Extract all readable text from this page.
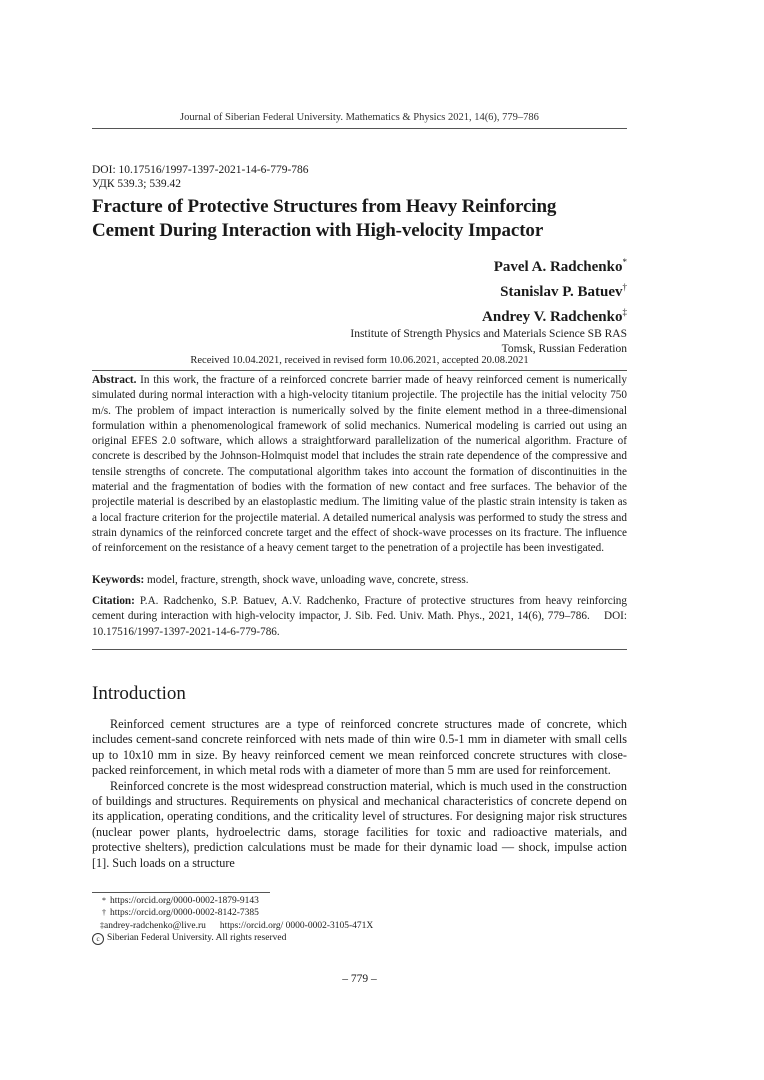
Journal of Siberian Federal University. Mathematics & Physics 2021, 14(6), 779–786
DOI: 10.17516/1997-1397-2021-14-6-779-786
УДК 539.3; 539.42
Fracture of Protective Structures from Heavy Reinforcing
Cement During Interaction with High-velocity Impactor
Pavel A. Radchenko*
Stanislav P. Batuev†
Andrey V. Radchenko‡
Institute of Strength Physics and Materials Science SB RAS
Tomsk, Russian Federation
Received 10.04.2021, received in revised form 10.06.2021, accepted 20.08.2021
Abstract. In this work, the fracture of a reinforced concrete barrier made of heavy reinforced cement is numerically simulated during normal interaction with a high-velocity titanium projectile. The projectile has the initial velocity 750 m/s. The problem of impact interaction is numerically solved by the finite element method in a three-dimensional formulation within a phenomenological framework of solid mechanics. Numerical modeling is carried out using an original EFES 2.0 software, which allows a straightforward parallelization of the numerical algorithm. Fracture of concrete is described by the Johnson-Holmquist model that includes the strain rate dependence of the compressive and tensile strengths of concrete. The computational algorithm takes into account the formation of discontinuities in the material and the fragmentation of bodies with the formation of new contact and free surfaces. The behavior of the projectile material is described by an elastoplastic medium. The limiting value of the plastic strain intensity is taken as a local fracture criterion for the projectile material. A detailed numerical analysis was performed to study the stress and strain dynamics of the reinforced concrete target and the effect of shock-wave processes on its fracture. The influence of reinforcement on the resistance of a heavy cement target to the penetration of a projectile has been investigated.
Keywords: model, fracture, strength, shock wave, unloading wave, concrete, stress.
Citation: P.A. Radchenko, S.P. Batuev, A.V. Radchenko, Fracture of protective structures from heavy reinforcing cement during interaction with high-velocity impactor, J. Sib. Fed. Univ. Math. Phys., 2021, 14(6), 779–786.    DOI: 10.17516/1997-1397-2021-14-6-779-786.
Introduction

Reinforced cement structures are a type of reinforced concrete structures made of concrete, which includes cement-sand concrete reinforced with nets made of thin wire 0.5-1 mm in diameter with small cells up to 10x10 mm in size. By heavy reinforced cement we mean reinforced concrete structures with close-packed reinforcement, in which metal rods with a diameter of more than 5 mm are used for reinforcement.

Reinforced concrete is the most widespread construction material, which is much used in the construction of buildings and structures. Requirements on physical and mechanical characteristics of concrete depend on its application, operating conditions, and the criticality level of structures. For designing major risk structures (nuclear power plants, hydroelectric dams, storage facilities for toxic and radioactive materials, and protective shelters), prediction calculations must be made for their dynamic load — shock, impulse action [1]. Such loads on a structure

* https://orcid.org/0000-0002-1879-9143
† https://orcid.org/0000-0002-8142-7385
‡andrey-radchenko@live.ru https://orcid.org/ 0000-0002-3105-471X
c Siberian Federal University. All rights reserved
– 779 –
